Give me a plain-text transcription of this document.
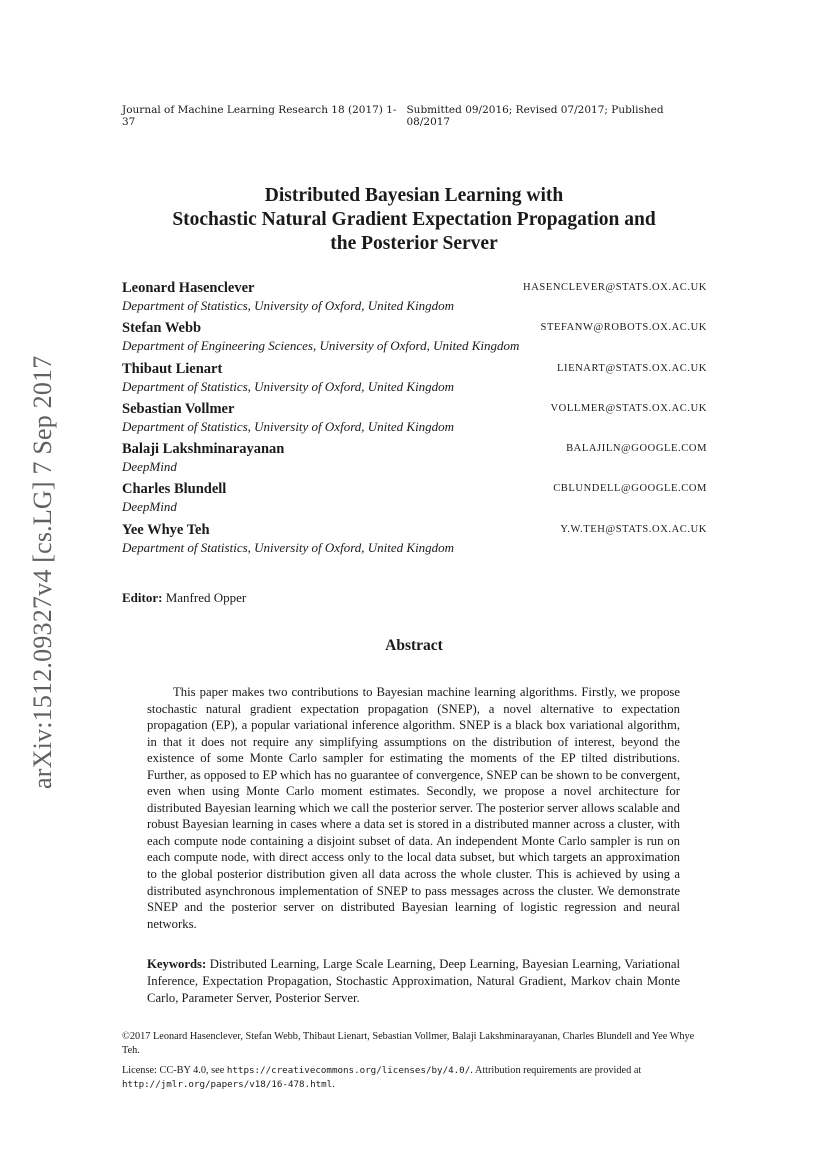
Journal of Machine Learning Research 18 (2017) 1-37
Submitted 09/2016; Revised 07/2017; Published 08/2017
arXiv:1512.09327v4 [cs.LG] 7 Sep 2017
Distributed Bayesian Learning with
Stochastic Natural Gradient Expectation Propagation and
the Posterior Server
Leonard Hasenclever	HASENCLEVER@STATS.OX.AC.UK
Department of Statistics, University of Oxford, United Kingdom
Stefan Webb	STEFANW@ROBOTS.OX.AC.UK
Department of Engineering Sciences, University of Oxford, United Kingdom
Thibaut Lienart	LIENART@STATS.OX.AC.UK
Department of Statistics, University of Oxford, United Kingdom
Sebastian Vollmer	VOLLMER@STATS.OX.AC.UK
Department of Statistics, University of Oxford, United Kingdom
Balaji Lakshminarayanan	BALAJILN@GOOGLE.COM
DeepMind
Charles Blundell	CBLUNDELL@GOOGLE.COM
DeepMind
Yee Whye Teh	Y.W.TEH@STATS.OX.AC.UK
Department of Statistics, University of Oxford, United Kingdom
Editor: Manfred Opper
Abstract
This paper makes two contributions to Bayesian machine learning algorithms. Firstly, we propose stochastic natural gradient expectation propagation (SNEP), a novel alternative to expectation propagation (EP), a popular variational inference algorithm. SNEP is a black box variational algorithm, in that it does not require any simplifying assumptions on the distribution of interest, beyond the existence of some Monte Carlo sampler for estimating the moments of the EP tilted distributions. Further, as opposed to EP which has no guarantee of convergence, SNEP can be shown to be convergent, even when using Monte Carlo moment estimates. Secondly, we propose a novel architecture for distributed Bayesian learning which we call the posterior server. The posterior server allows scalable and robust Bayesian learning in cases where a data set is stored in a distributed manner across a cluster, with each compute node containing a disjoint subset of data. An independent Monte Carlo sampler is run on each compute node, with direct access only to the local data subset, but which targets an approximation to the global posterior distribution given all data across the whole cluster. This is achieved by using a distributed asynchronous implementation of SNEP to pass messages across the cluster. We demonstrate SNEP and the posterior server on distributed Bayesian learning of logistic regression and neural networks.
Keywords: Distributed Learning, Large Scale Learning, Deep Learning, Bayesian Learning, Variational Inference, Expectation Propagation, Stochastic Approximation, Natural Gradient, Markov chain Monte Carlo, Parameter Server, Posterior Server.
©2017 Leonard Hasenclever, Stefan Webb, Thibaut Lienart, Sebastian Vollmer, Balaji Lakshminarayanan, Charles Blundell and Yee Whye Teh.
License: CC-BY 4.0, see https://creativecommons.org/licenses/by/4.0/. Attribution requirements are provided at http://jmlr.org/papers/v18/16-478.html.
